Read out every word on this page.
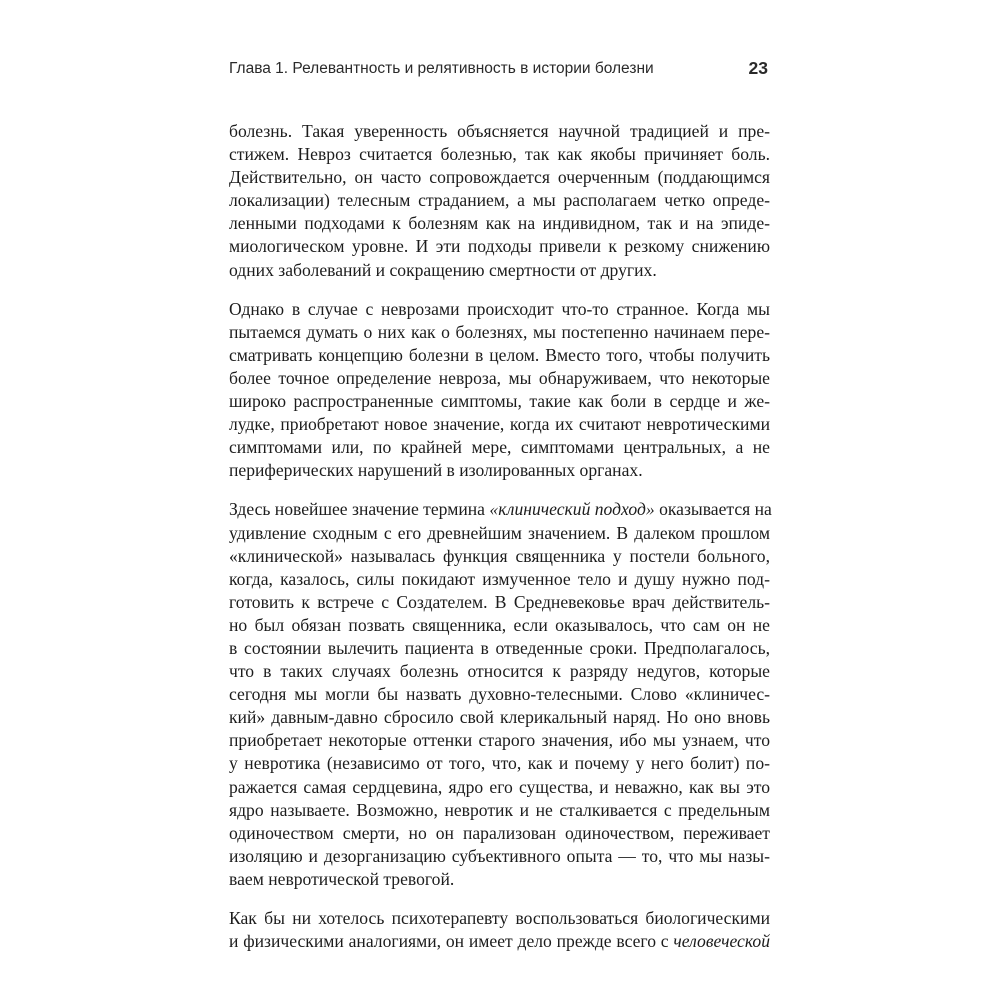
Глава 1. Релевантность и релятивность в истории болезни	23

болезнь. Такая уверенность объясняется научной традицией и пре-
стижем. Невроз считается болезнью, так как якобы причиняет боль.
Действительно, он часто сопровождается очерченным (поддающимся
локализации) телесным страданием, а мы располагаем четко опреде-
ленными подходами к болезням как на индивидном, так и на эпиде-
миологическом уровне. И эти подходы привели к резкому снижению
одних заболеваний и сокращению смертности от других.

Однако в случае с неврозами происходит что-то странное. Когда мы
пытаемся думать о них как о болезнях, мы постепенно начинаем пере-
сматривать концепцию болезни в целом. Вместо того, чтобы получить
более точное определение невроза, мы обнаруживаем, что некоторые
широко распространенные симптомы, такие как боли в сердце и же-
лудке, приобретают новое значение, когда их считают невротическими
симптомами или, по крайней мере, симптомами центральных, а не
периферических нарушений в изолированных органах.

Здесь новейшее значение термина «клинический подход» оказывается на
удивление сходным с его древнейшим значением. В далеком прошлом
«клинической» называлась функция священника у постели больного,
когда, казалось, силы покидают измученное тело и душу нужно под-
готовить к встрече с Создателем. В Средневековье врач действитель-
но был обязан позвать священника, если оказывалось, что сам он не
в состоянии вылечить пациента в отведенные сроки. Предполагалось,
что в таких случаях болезнь относится к разряду недугов, которые
сегодня мы могли бы назвать духовно-телесными. Слово «клиничес-
кий» давным-давно сбросило свой клерикальный наряд. Но оно вновь
приобретает некоторые оттенки старого значения, ибо мы узнаем, что
у невротика (независимо от того, что, как и почему у него болит) по-
ражается самая сердцевина, ядро его существа, и неважно, как вы это
ядро называете. Возможно, невротик и не сталкивается с предельным
одиночеством смерти, но он парализован одиночеством, переживает
изоляцию и дезорганизацию субъективного опыта — то, что мы назы-
ваем невротической тревогой.

Как бы ни хотелось психотерапевту воспользоваться биологическими
и физическими аналогиями, он имеет дело прежде всего с человеческой
